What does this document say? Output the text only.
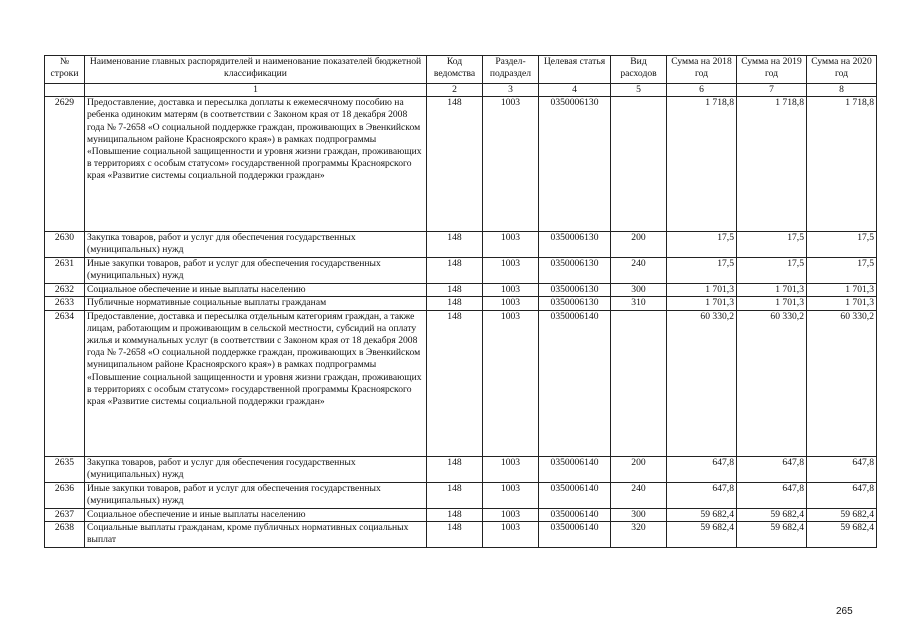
№ строки	Наименование главных распорядителей и наименование показателей бюджетной классификации	Код ведомства	Раздел-подраздел	Целевая статья	Вид расходов	Сумма на 2018 год	Сумма на 2019 год	Сумма на 2020 год
	1	2	3	4	5	6	7	8
2629	Предоставление, доставка и пересылка доплаты к ежемесячному пособию на ребенка одиноким матерям (в соответствии с Законом края от 18 декабря 2008 года № 7-2658 «О социальной поддержке граждан, проживающих в Эвенкийском муниципальном районе Красноярского края») в рамках подпрограммы «Повышение социальной защищенности и уровня жизни граждан, проживающих в территориях с особым статусом» государственной программы Красноярского края «Развитие системы социальной поддержки граждан»	148	1003	0350006130		1 718,8	1 718,8	1 718,8
2630	Закупка товаров, работ и услуг для обеспечения государственных (муниципальных) нужд	148	1003	0350006130	200	17,5	17,5	17,5
2631	Иные закупки товаров, работ и услуг для обеспечения государственных (муниципальных) нужд	148	1003	0350006130	240	17,5	17,5	17,5
2632	Социальное обеспечение и иные выплаты населению	148	1003	0350006130	300	1 701,3	1 701,3	1 701,3
2633	Публичные нормативные социальные выплаты гражданам	148	1003	0350006130	310	1 701,3	1 701,3	1 701,3
2634	Предоставление, доставка и пересылка отдельным категориям граждан, а также лицам, работающим и проживающим в сельской местности, субсидий на оплату жилья и коммунальных услуг (в соответствии с Законом края от 18 декабря 2008 года № 7-2658 «О социальной поддержке граждан, проживающих в Эвенкийском муниципальном районе Красноярского края») в рамках подпрограммы «Повышение социальной защищенности и уровня жизни граждан, проживающих в территориях с особым статусом» государственной программы Красноярского края «Развитие системы социальной поддержки граждан»	148	1003	0350006140		60 330,2	60 330,2	60 330,2
2635	Закупка товаров, работ и услуг для обеспечения государственных (муниципальных) нужд	148	1003	0350006140	200	647,8	647,8	647,8
2636	Иные закупки товаров, работ и услуг для обеспечения государственных (муниципальных) нужд	148	1003	0350006140	240	647,8	647,8	647,8
2637	Социальное обеспечение и иные выплаты населению	148	1003	0350006140	300	59 682,4	59 682,4	59 682,4
2638	Социальные выплаты гражданам, кроме публичных нормативных социальных выплат	148	1003	0350006140	320	59 682,4	59 682,4	59 682,4
265
